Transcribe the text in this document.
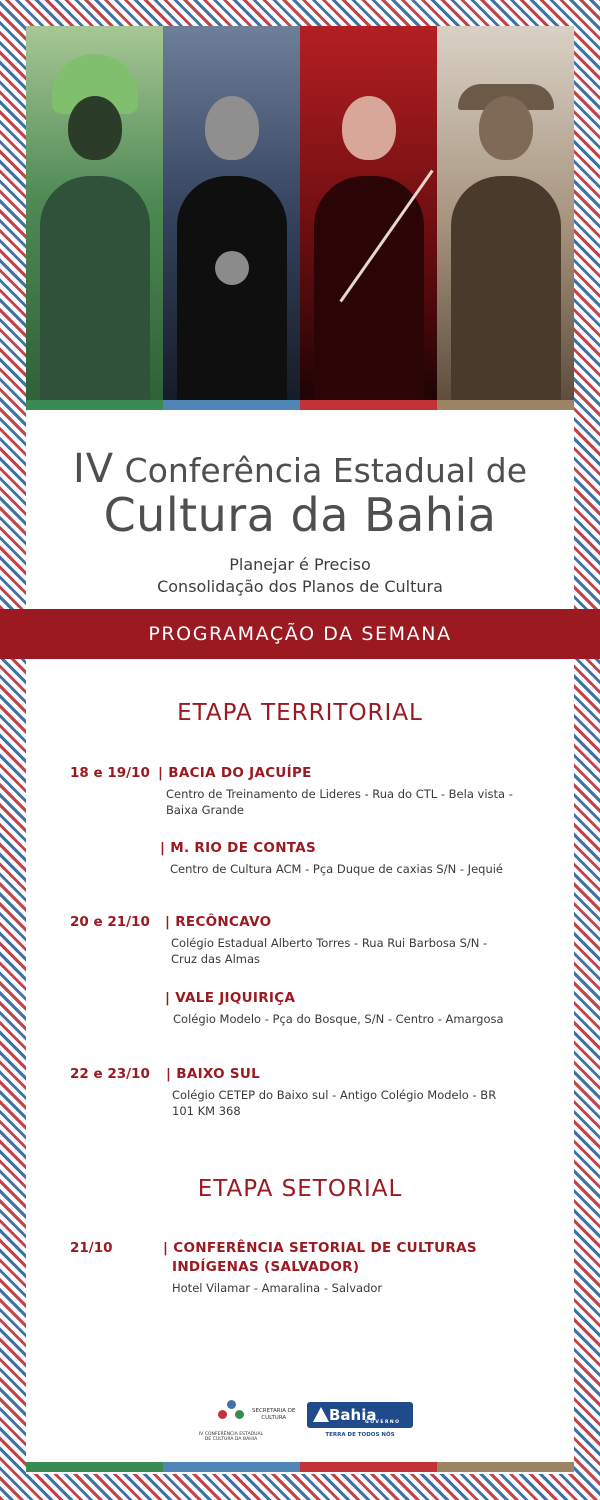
IV Conferência Estadual de
Cultura da Bahia
Planejar é Preciso
Consolidação dos Planos de Cultura
PROGRAMAÇÃO DA SEMANA
ETAPA TERRITORIAL
18 e 19/10 | BACIA DO JACUÍPE
Centro de Treinamento de Lideres - Rua do CTL - Bela vista -
Baixa Grande
| M. RIO DE CONTAS
Centro de Cultura ACM - Pça Duque de caxias S/N - Jequié
20 e 21/10 | RECÔNCAVO
Colégio Estadual Alberto Torres - Rua Rui Barbosa S/N -
Cruz das Almas
| VALE JIQUIRIÇA
Colégio Modelo - Pça do Bosque, S/N - Centro - Amargosa
22 e 23/10 | BAIXO SUL
Colégio CETEP do Baixo sul - Antigo Colégio Modelo - BR
101 KM 368
ETAPA SETORIAL
21/10	| CONFERÊNCIA SETORIAL DE CULTURAS
INDÍGENAS (SALVADOR)
Hotel Vilamar - Amaralina - Salvador
IV CONFERÊNCIA ESTADUAL
DE CULTURA DA BAHIA
SECRETARIA DE
CULTURA	Bahia
GOVERNO
TERRA DE TODOS NÓS
